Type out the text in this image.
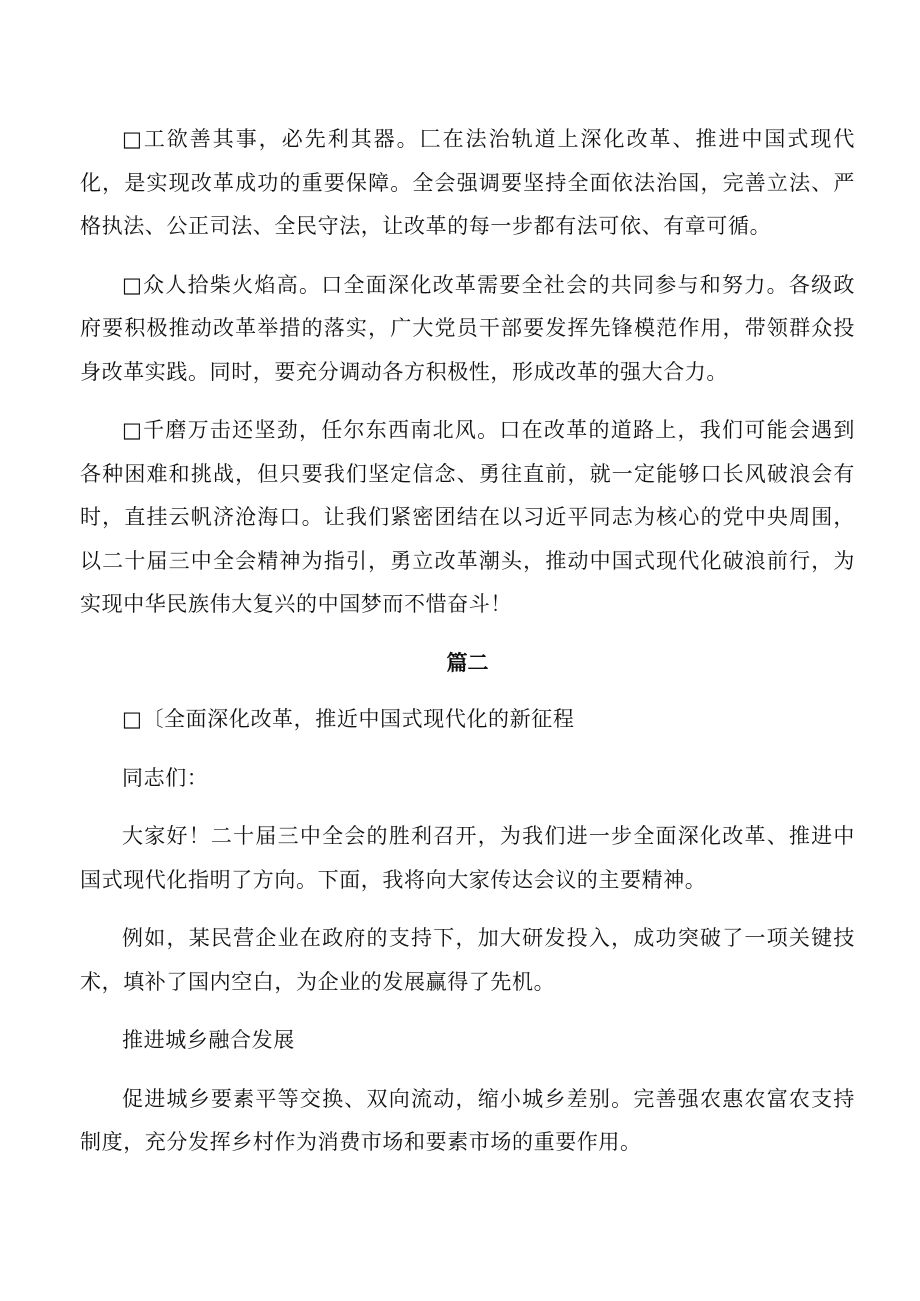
□工欲善其事，必先利其器。匚在法治轨道上深化改革、推进中国式现代化，是实现改革成功的重要保障。全会强调要坚持全面依法治国，完善立法、严格执法、公正司法、全民守法，让改革的每一步都有法可依、有章可循。

□众人拾柴火焰高。口全面深化改革需要全社会的共同参与和努力。各级政府要积极推动改革举措的落实，广大党员干部要发挥先锋模范作用，带领群众投身改革实践。同时，要充分调动各方积极性，形成改革的强大合力。

□千磨万击还坚劲，任尔东西南北风。口在改革的道路上，我们可能会遇到各种困难和挑战，但只要我们坚定信念、勇往直前，就一定能够口长风破浪会有时，直挂云帆济沧海口。让我们紧密团结在以习近平同志为核心的党中央周围，以二十届三中全会精神为指引，勇立改革潮头，推动中国式现代化破浪前行，为实现中华民族伟大复兴的中国梦而不惜奋斗！

篇二

□〔全面深化改革，推近中国式现代化的新征程

同志们：

大家好！二十届三中全会的胜利召开，为我们进一步全面深化改革、推进中国式现代化指明了方向。下面，我将向大家传达会议的主要精神。

例如，某民营企业在政府的支持下，加大研发投入，成功突破了一项关键技术，填补了国内空白，为企业的发展赢得了先机。

推进城乡融合发展

促进城乡要素平等交换、双向流动，缩小城乡差别。完善强农惠农富农支持制度，充分发挥乡村作为消费市场和要素市场的重要作用。
